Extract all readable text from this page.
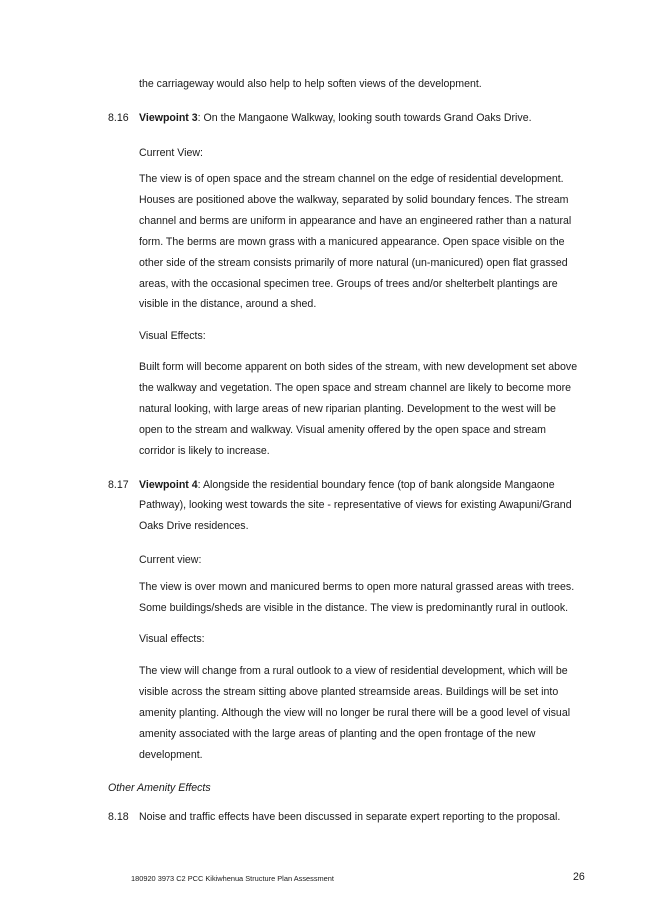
the carriageway would also help to help soften views of the development.
8.16 Viewpoint 3: On the Mangaone Walkway, looking south towards Grand Oaks Drive.
Current View:
The view is of open space and the stream channel on the edge of residential development.
Houses are positioned above the walkway, separated by solid boundary fences. The stream
channel and berms are uniform in appearance and have an engineered rather than a natural
form. The berms are mown grass with a manicured appearance. Open space visible on the
other side of the stream consists primarily of more natural (un-manicured) open flat grassed
areas, with the occasional specimen tree. Groups of trees and/or shelterbelt plantings are
visible in the distance, around a shed.
Visual Effects:
Built form will become apparent on both sides of the stream, with new development set above
the walkway and vegetation. The open space and stream channel are likely to become more
natural looking, with large areas of new riparian planting. Development to the west will be
open to the stream and walkway. Visual amenity offered by the open space and stream
corridor is likely to increase.
8.17 Viewpoint 4: Alongside the residential boundary fence (top of bank alongside Mangaone
Pathway), looking west towards the site - representative of views for existing Awapuni/Grand
Oaks Drive residences.
Current view:
The view is over mown and manicured berms to open more natural grassed areas with trees.
Some buildings/sheds are visible in the distance. The view is predominantly rural in outlook.
Visual effects:
The view will change from a rural outlook to a view of residential development, which will be
visible across the stream sitting above planted streamside areas. Buildings will be set into
amenity planting. Although the view will no longer be rural there will be a good level of visual
amenity associated with the large areas of planting and the open frontage of the new
development.
Other Amenity Effects
8.18 Noise and traffic effects have been discussed in separate expert reporting to the proposal.
180920 3973 C2 PCC Kikiwhenua Structure Plan Assessment	26
